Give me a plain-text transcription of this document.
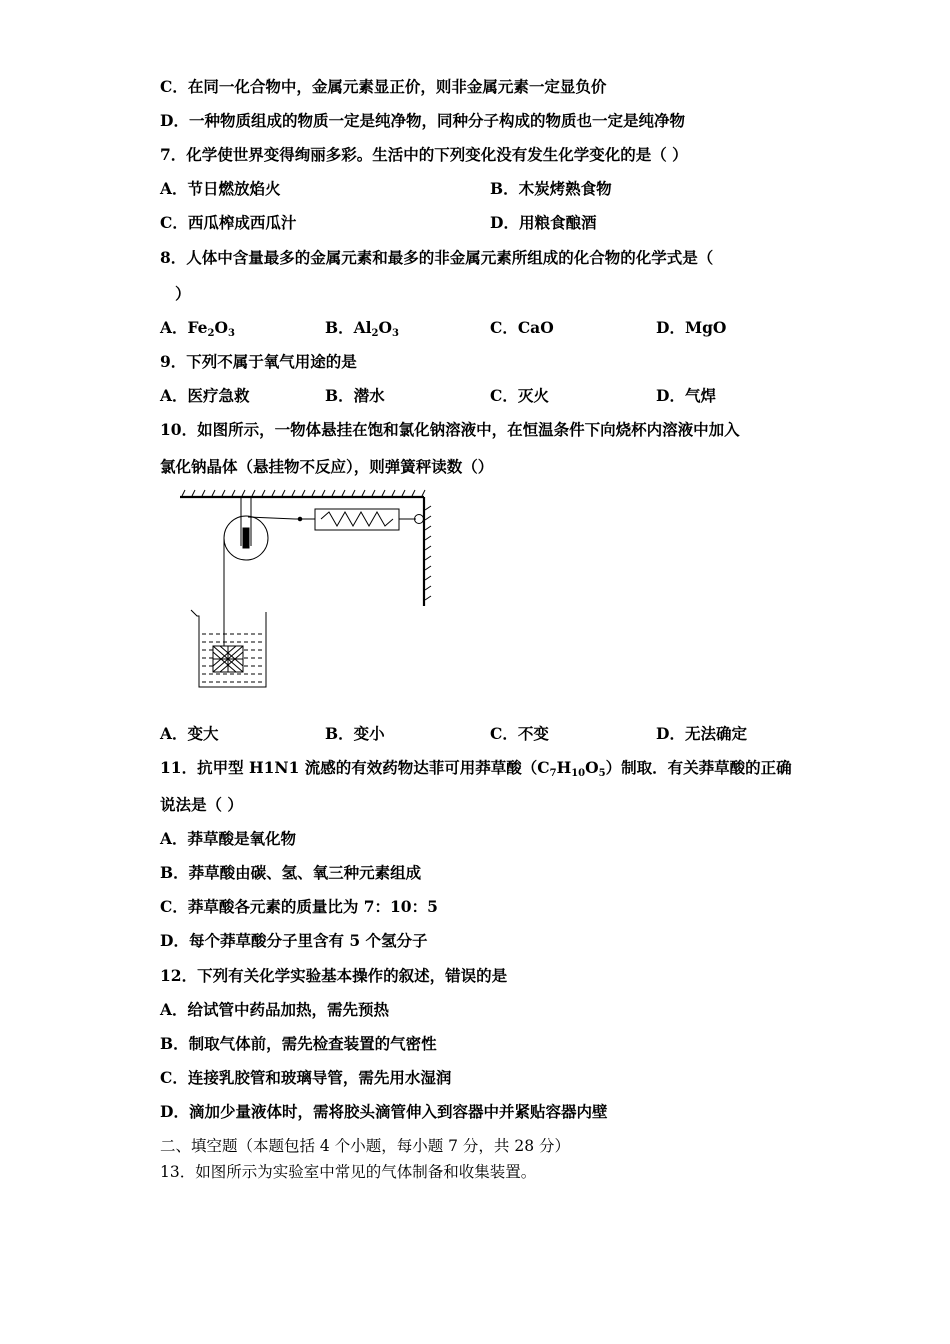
C．在同一化合物中，金属元素显正价，则非金属元素一定显负价
D．一种物质组成的物质一定是纯净物，同种分子构成的物质也一定是纯净物
7．化学使世界变得绚丽多彩。生活中的下列变化没有发生化学变化的是（ ）
A．节日燃放焰火	B．木炭烤熟食物
C．西瓜榨成西瓜汁	D．用粮食酿酒
8．人体中含量最多的金属元素和最多的非金属元素所组成的化合物的化学式是（
）
A．$Fe_2O_3$	B．$Al_2O_3$	C．CaO	D．MgO
9．下列不属于氧气用途的是
A．医疗急救	B．潜水	C．灭火	D．气焊
10．如图所示，一物体悬挂在饱和氯化钠溶液中，在恒温条件下向烧杯内溶液中加入
氯化钠晶体（悬挂物不反应），则弹簧秤读数（）
A．变大	B．变小	C．不变	D．无法确定
11．抗甲型 H1N1 流感的有效药物达菲可用莽草酸$(C_7H_{10}O_5)$制取．有关莽草酸的正确
说法是（ ）
A．莽草酸是氧化物
B．莽草酸由碳、氢、氧三种元素组成
C．莽草酸各元素的质量比为 7：10：5
D．每个莽草酸分子里含有 5 个氢分子
12．下列有关化学实验基本操作的叙述，错误的是
A．给试管中药品加热，需先预热
B．制取气体前，需先检查装置的气密性
C．连接乳胶管和玻璃导管，需先用水湿润
D．滴加少量液体时，需将胶头滴管伸入到容器中并紧贴容器内壁
二、填空题（本题包括 4 个小题，每小题 7 分，共 28 分）
13．如图所示为实验室中常见的气体制备和收集装置。
